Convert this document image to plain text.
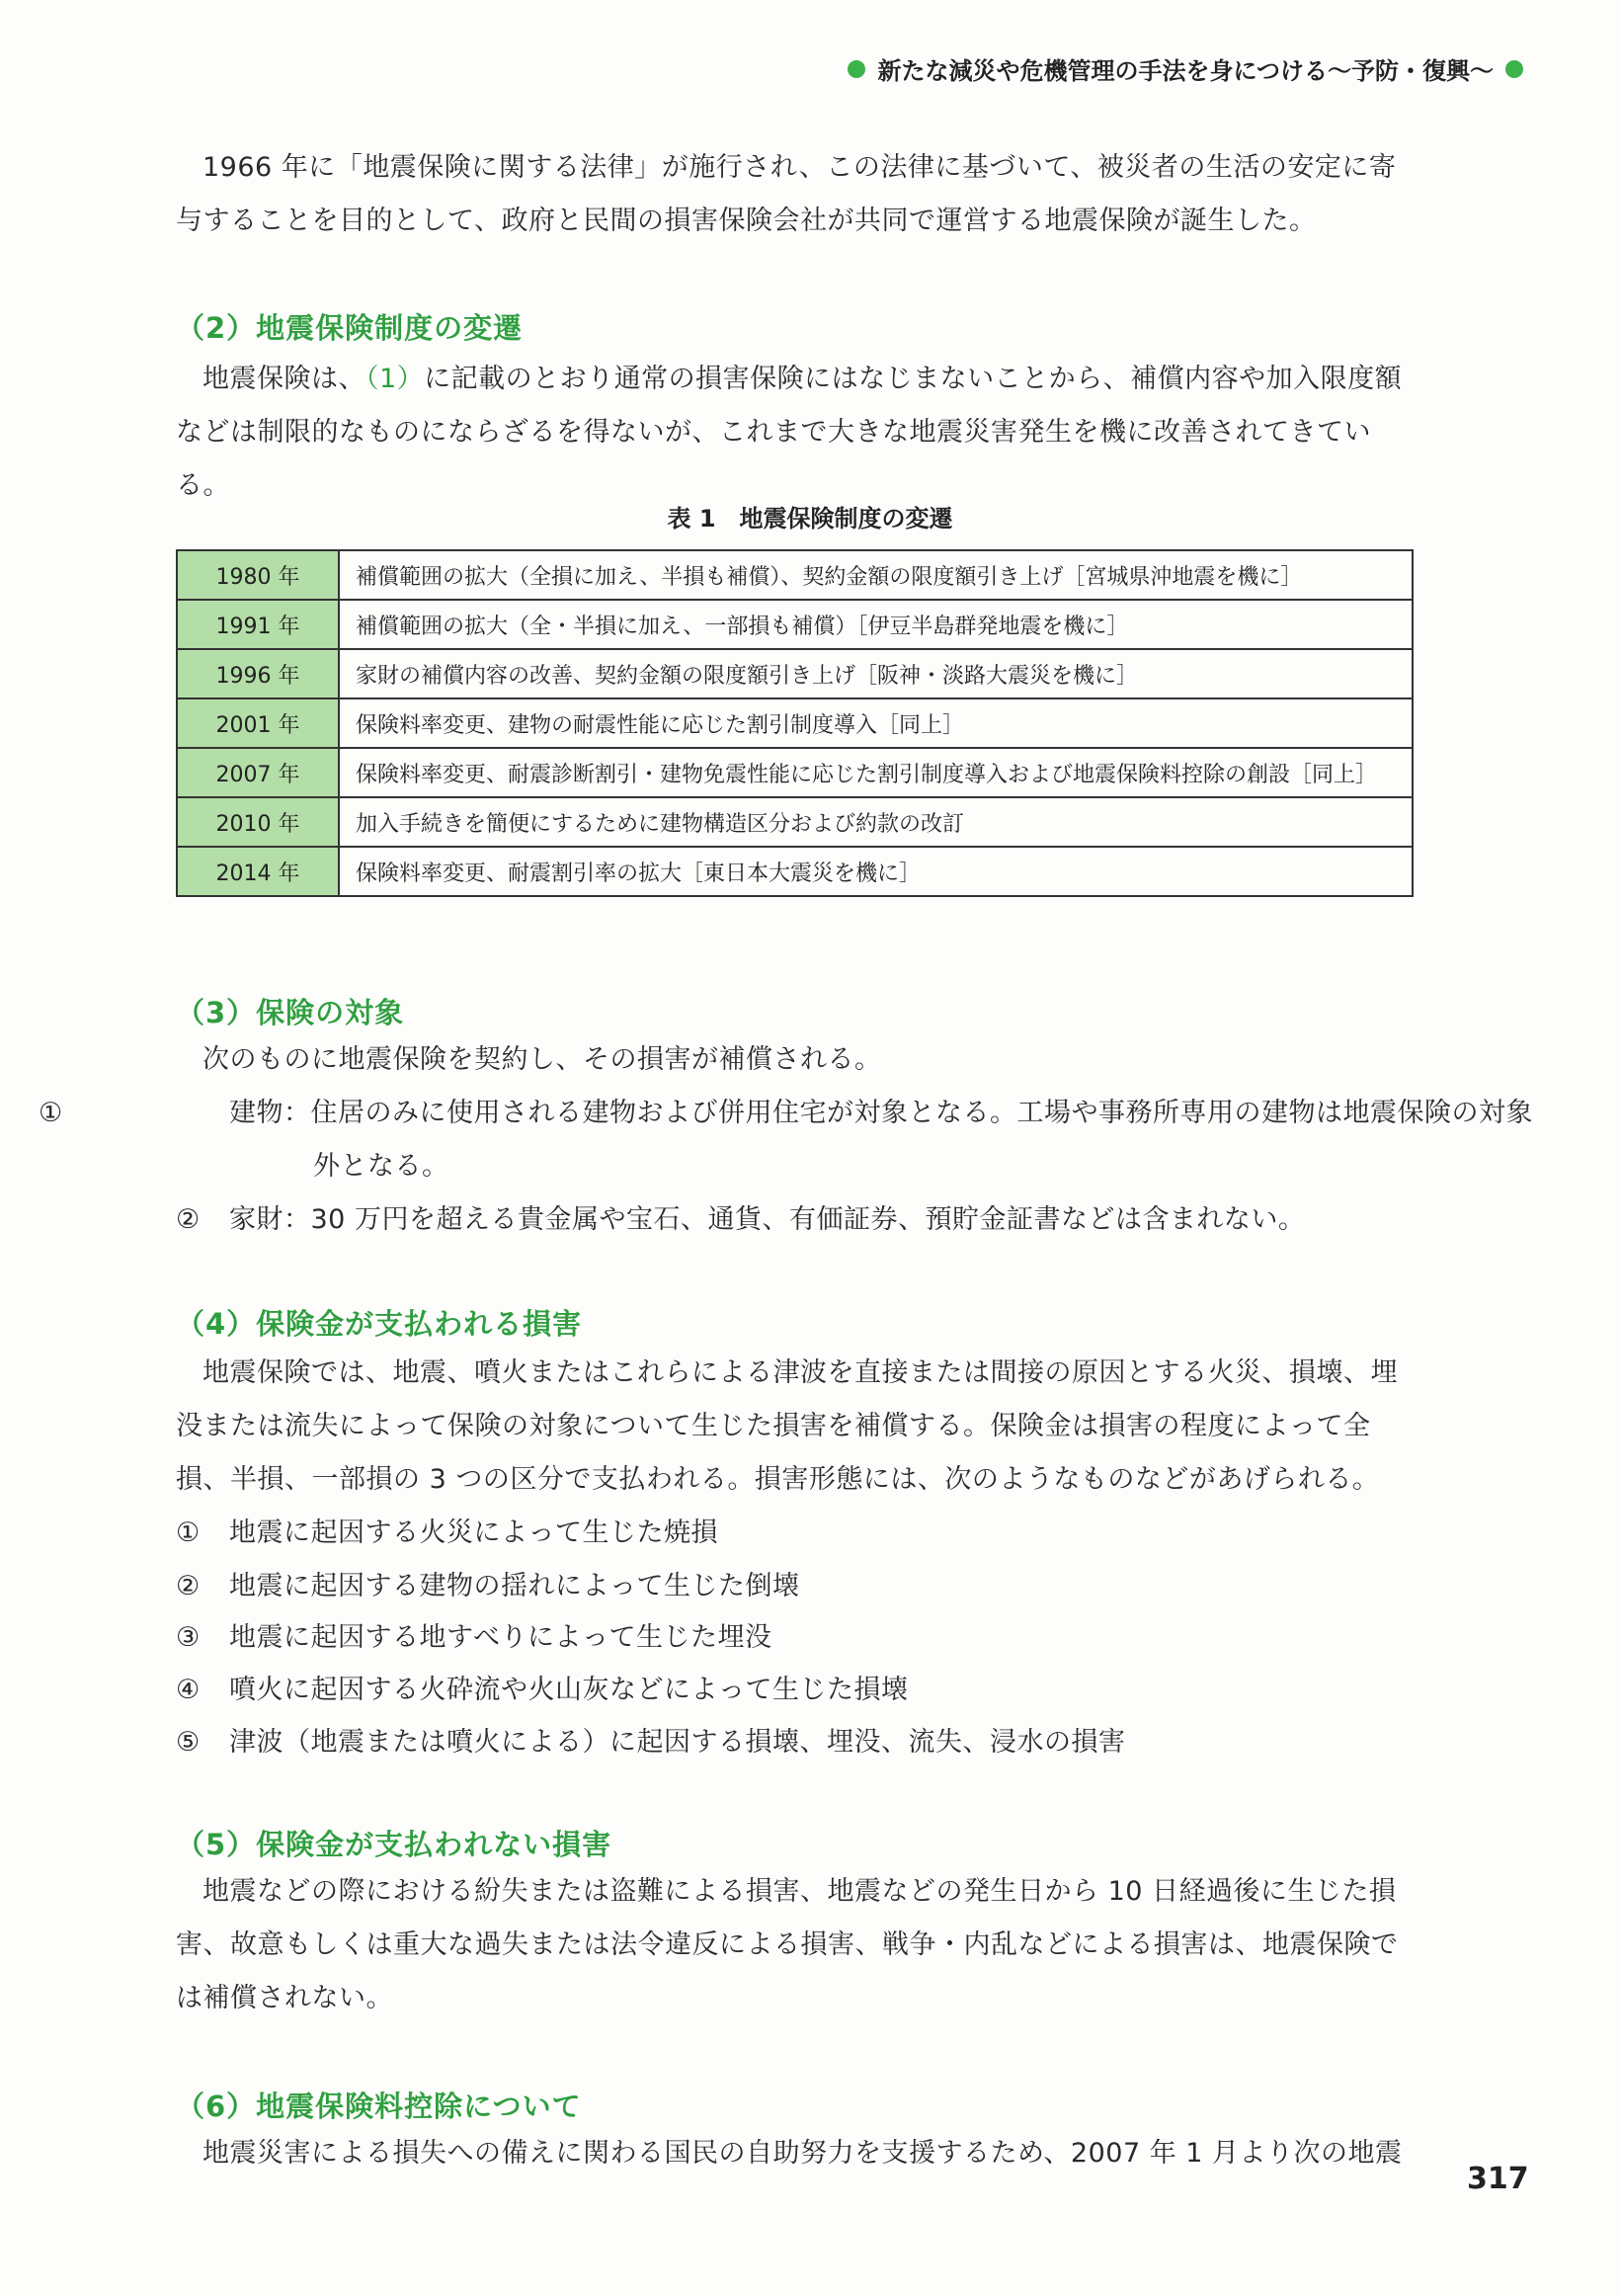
新たな減災や危機管理の手法を身につける〜予防・復興〜

1966 年に「地震保険に関する法律」が施行され、この法律に基づいて、被災者の生活の安定に寄与することを目的として、政府と民間の損害保険会社が共同で運営する地震保険が誕生した。

（2）地震保険制度の変遷

地震保険は、（1）に記載のとおり通常の損害保険にはなじまないことから、補償内容や加入限度額などは制限的なものにならざるを得ないが、これまで大きな地震災害発生を機に改善されてきている。

表 1　地震保険制度の変遷
1980 年	補償範囲の拡大（全損に加え、半損も補償）、契約金額の限度額引き上げ［宮城県沖地震を機に］
1991 年	補償範囲の拡大（全・半損に加え、一部損も補償）［伊豆半島群発地震を機に］
1996 年	家財の補償内容の改善、契約金額の限度額引き上げ［阪神・淡路大震災を機に］
2001 年	保険料率変更、建物の耐震性能に応じた割引制度導入［同上］
2007 年	保険料率変更、耐震診断割引・建物免震性能に応じた割引制度導入および地震保険料控除の創設［同上］
2010 年	加入手続きを簡便にするために建物構造区分および約款の改訂
2014 年	保険料率変更、耐震割引率の拡大［東日本大震災を機に］
（3）保険の対象

次のものに地震保険を契約し、その損害が補償される。

①	建物：住居のみに使用される建物および併用住宅が対象となる。工場や事務所専用の建物は地震保険の対象外となる。

② 家財：30 万円を超える貴金属や宝石、通貨、有価証券、預貯金証書などは含まれない。

（4）保険金が支払われる損害

地震保険では、地震、噴火またはこれらによる津波を直接または間接の原因とする火災、損壊、埋没または流失によって保険の対象について生じた損害を補償する。保険金は損害の程度によって全損、半損、一部損の 3 つの区分で支払われる。損害形態には、次のようなものなどがあげられる。

① 地震に起因する火災によって生じた焼損

② 地震に起因する建物の揺れによって生じた倒壊

③ 地震に起因する地すべりによって生じた埋没

④ 噴火に起因する火砕流や火山灰などによって生じた損壊

⑤ 津波（地震または噴火による）に起因する損壊、埋没、流失、浸水の損害

（5）保険金が支払われない損害

地震などの際における紛失または盗難による損害、地震などの発生日から 10 日経過後に生じた損害、故意もしくは重大な過失または法令違反による損害、戦争・内乱などによる損害は、地震保険では補償されない。

（6）地震保険料控除について

地震災害による損失への備えに関わる国民の自助努力を支援するため、2007 年 1 月より次の地震

317
